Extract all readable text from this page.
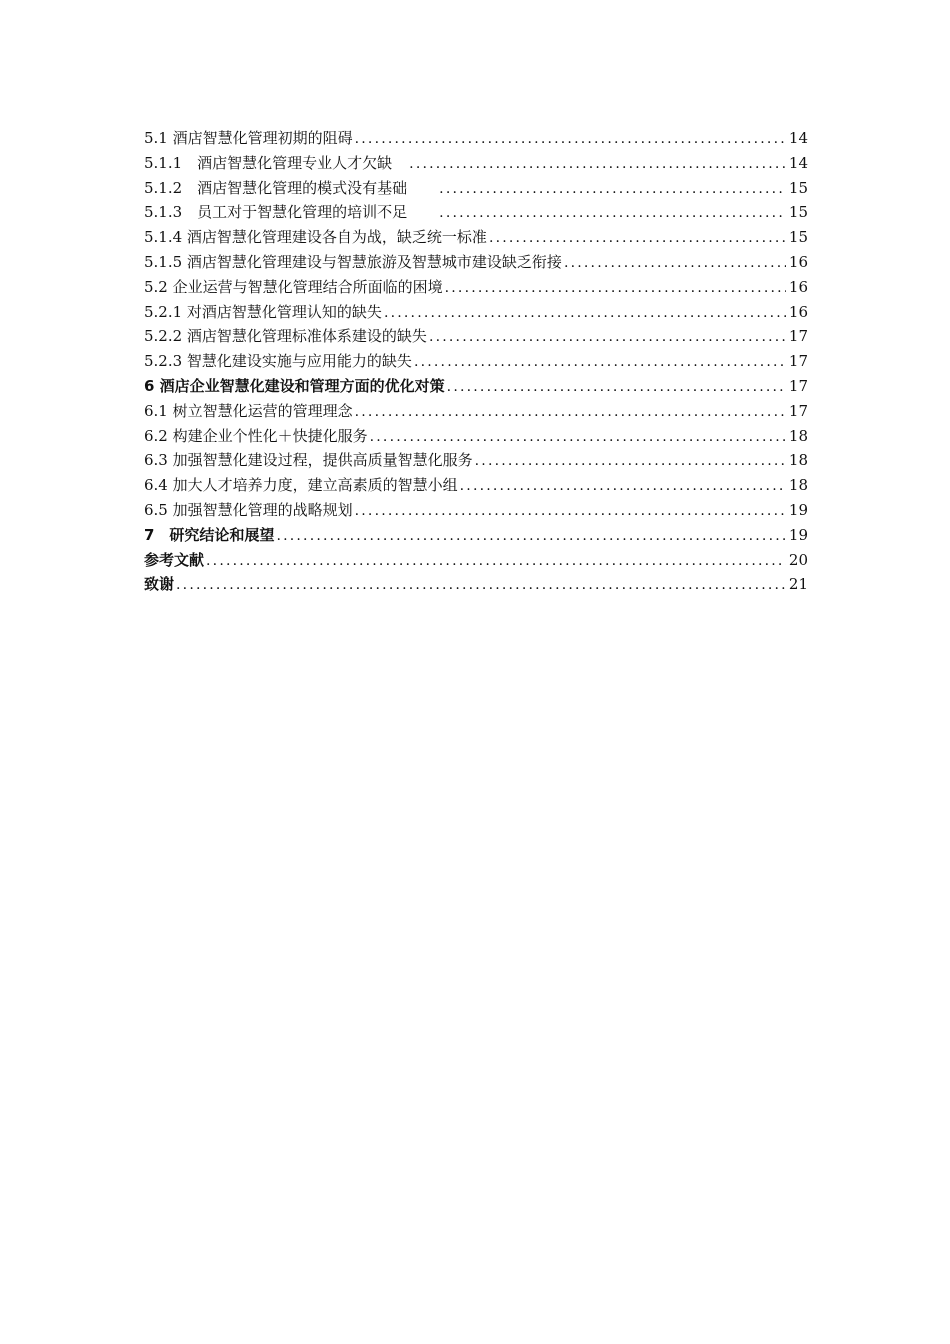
5.1 酒店智慧化管理初期的阻碍 .....	14
5.1.1　酒店智慧化管理专业人才欠缺　 .....	14
5.1.2　酒店智慧化管理的模式没有基础　　 .....	15
5.1.3　员工对于智慧化管理的培训不足　　 .....	15
5.1.4 酒店智慧化管理建设各自为战，缺乏统一标准 .....	15
5.1.5 酒店智慧化管理建设与智慧旅游及智慧城市建设缺乏衔接 .....	16
5.2 企业运营与智慧化管理结合所面临的困境 .....	16
5.2.1 对酒店智慧化管理认知的缺失 .....	16
5.2.2 酒店智慧化管理标准体系建设的缺失 .....	17
5.2.3 智慧化建设实施与应用能力的缺失 .....	17
6 酒店企业智慧化建设和管理方面的优化对策 .....	17
6.1 树立智慧化运营的管理理念 .....	17
6.2 构建企业个性化＋快捷化服务 .....	18
6.3 加强智慧化建设过程，提供高质量智慧化服务 .....	18
6.4 加大人才培养力度，建立高素质的智慧小组 .....	18
6.5 加强智慧化管理的战略规划 .....	19
7　研究结论和展望 .....	19
参考文献 .....	20
致谢 .....	21
